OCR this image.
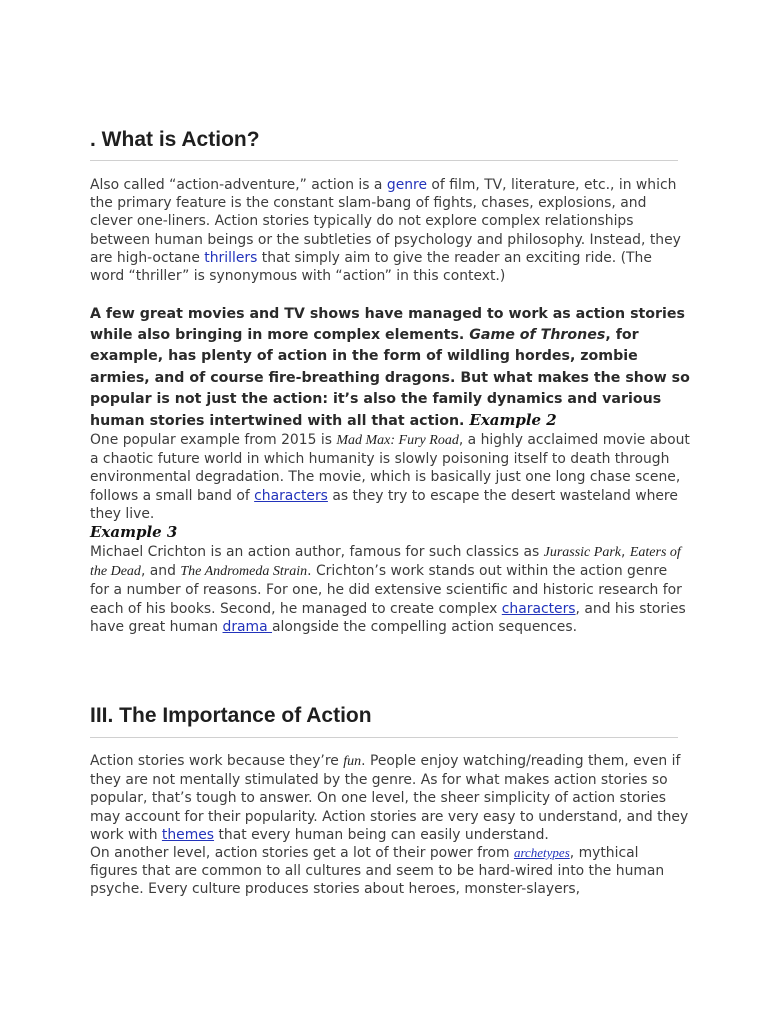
. What is Action?

Also called “action-adventure,” action is a genre of film, TV, literature, etc., in which the primary feature is the constant slam-bang of fights, chases, explosions, and clever one-liners. Action stories typically do not explore complex relationships between human beings or the subtleties of psychology and philosophy. Instead, they are high-octane thrillers that simply aim to give the reader an exciting ride. (The word “thriller” is synonymous with “action” in this context.)

A few great movies and TV shows have managed to work as action stories while also bringing in more complex elements. Game of Thrones, for example, has plenty of action in the form of wildling hordes, zombie armies, and of course fire-breathing dragons. But what makes the show so popular is not just the action: it’s also the family dynamics and various human stories intertwined with all that action. Example 2

One popular example from 2015 is Mad Max: Fury Road, a highly acclaimed movie about a chaotic future world in which humanity is slowly poisoning itself to death through environmental degradation. The movie, which is basically just one long chase scene, follows a small band of characters as they try to escape the desert wasteland where they live.

Example 3

Michael Crichton is an action author, famous for such classics as Jurassic Park, Eaters of the Dead, and The Andromeda Strain. Crichton’s work stands out within the action genre for a number of reasons. For one, he did extensive scientific and historic research for each of his books. Second, he managed to create complex characters, and his stories have great human drama alongside the compelling action sequences.

III. The Importance of Action

Action stories work because they’re fun. People enjoy watching/reading them, even if they are not mentally stimulated by the genre. As for what makes action stories so popular, that’s tough to answer. On one level, the sheer simplicity of action stories may account for their popularity. Action stories are very easy to understand, and they work with themes that every human being can easily understand.

On another level, action stories get a lot of their power from archetypes, mythical figures that are common to all cultures and seem to be hard-wired into the human psyche. Every culture produces stories about heroes, monster-slayers,
